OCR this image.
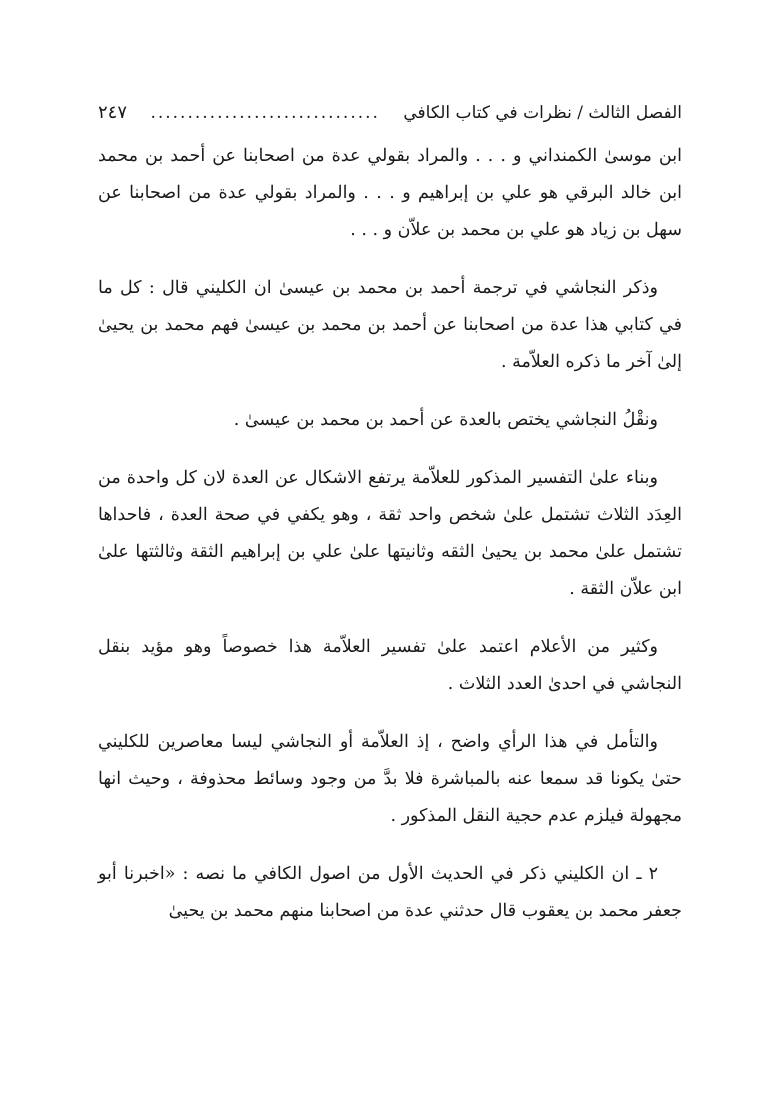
الفصل الثالث / نظرات في كتاب الكافي
...............................
٢٤٧

ابن موسىٰ الكمنداني و . . . والمراد بقولي عدة من اصحابنا عن أحمد بن محمد ابن خالد البرقي هو علي بن إبراهيم و . . . والمراد بقولي عدة من اصحابنا عن سهل بن زياد هو علي بن محمد بن علاّن و . . .

وذكر النجاشي في ترجمة أحمد بن محمد بن عيسىٰ ان الكليني قال : كل ما في كتابي هذا عدة من اصحابنا عن أحمد بن محمد بن عيسىٰ فهم محمد بن يحيىٰ إلىٰ آخر ما ذكره العلاّمة .

ونقْلُ النجاشي يختص بالعدة عن أحمد بن محمد بن عيسىٰ .

وبناء علىٰ التفسير المذكور للعلاّمة يرتفع الاشكال عن العدة لان كل واحدة من العِدَد الثلاث تشتمل علىٰ شخص واحد ثقة ، وهو يكفي في صحة العدة ، فاحداها تشتمل علىٰ محمد بن يحيىٰ الثقه وثانيتها علىٰ علي بن إبراهيم الثقة وثالثتها علىٰ ابن علاّن الثقة .

وكثير من الأعلام اعتمد علىٰ تفسير العلاّمة هذا خصوصاً وهو مؤيد بنقل النجاشي في احدىٰ العدد الثلاث .

والتأمل في هذا الرأي واضح ، إذ العلاّمة أو النجاشي ليسا معاصرين للكليني حتىٰ يكونا قد سمعا عنه بالمباشرة فلا بدَّ من وجود وسائط محذوفة ، وحيث انها مجهولة فيلزم عدم حجية النقل المذكور .

٢ ـ ان الكليني ذكر في الحديث الأول من اصول الكافي ما نصه : «اخبرنا أبو جعفر محمد بن يعقوب قال حدثني عدة من اصحابنا منهم محمد بن يحيىٰ
